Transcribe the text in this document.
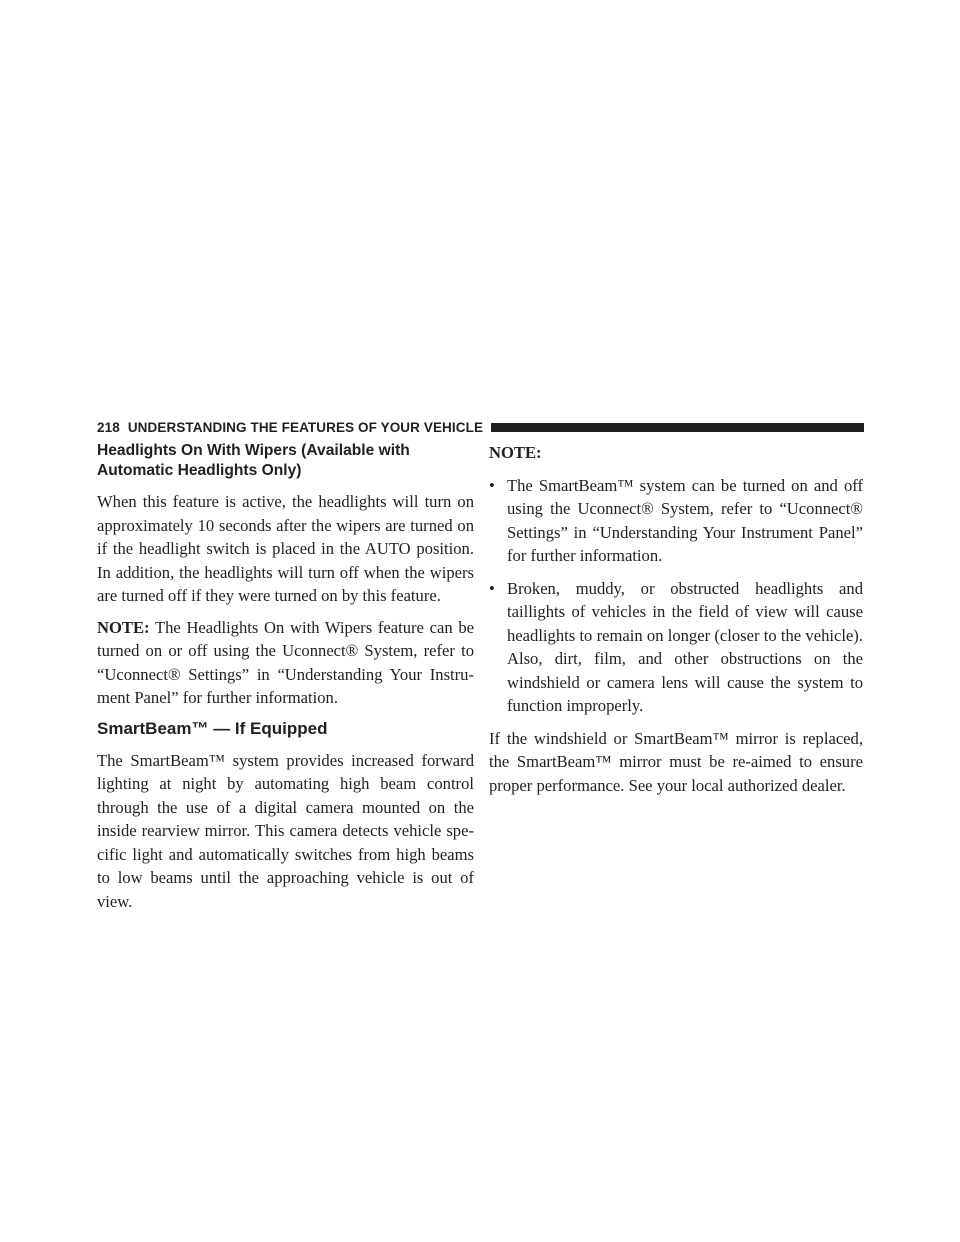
218 UNDERSTANDING THE FEATURES OF YOUR VEHICLE
Headlights On With Wipers (Available with Automatic Headlights Only)

When this feature is active, the headlights will turn on approximately 10 seconds after the wipers are turned on if the headlight switch is placed in the AUTO position. In addition, the headlights will turn off when the wipers are turned off if they were turned on by this feature.

NOTE: The Headlights On with Wipers feature can be turned on or off using the Uconnect® System, refer to “Uconnect® Settings” in “Understanding Your Instru- ment Panel” for further information.

SmartBeam™ — If Equipped

The SmartBeam™ system provides increased forward lighting at night by automating high beam control through the use of a digital camera mounted on the inside rearview mirror. This camera detects vehicle spe- cific light and automatically switches from high beams to low beams until the approaching vehicle is out of view.

NOTE:
• The SmartBeam™ system can be turned on and off using the Uconnect® System, refer to “Uconnect® Settings” in “Understanding Your Instrument Panel” for further information.
• Broken, muddy, or obstructed headlights and taillights of vehicles in the field of view will cause headlights to remain on longer (closer to the vehicle). Also, dirt, film, and other obstructions on the windshield or camera lens will cause the system to function improperly.

If the windshield or SmartBeam™ mirror is replaced, the SmartBeam™ mirror must be re-aimed to ensure proper performance. See your local authorized dealer.
